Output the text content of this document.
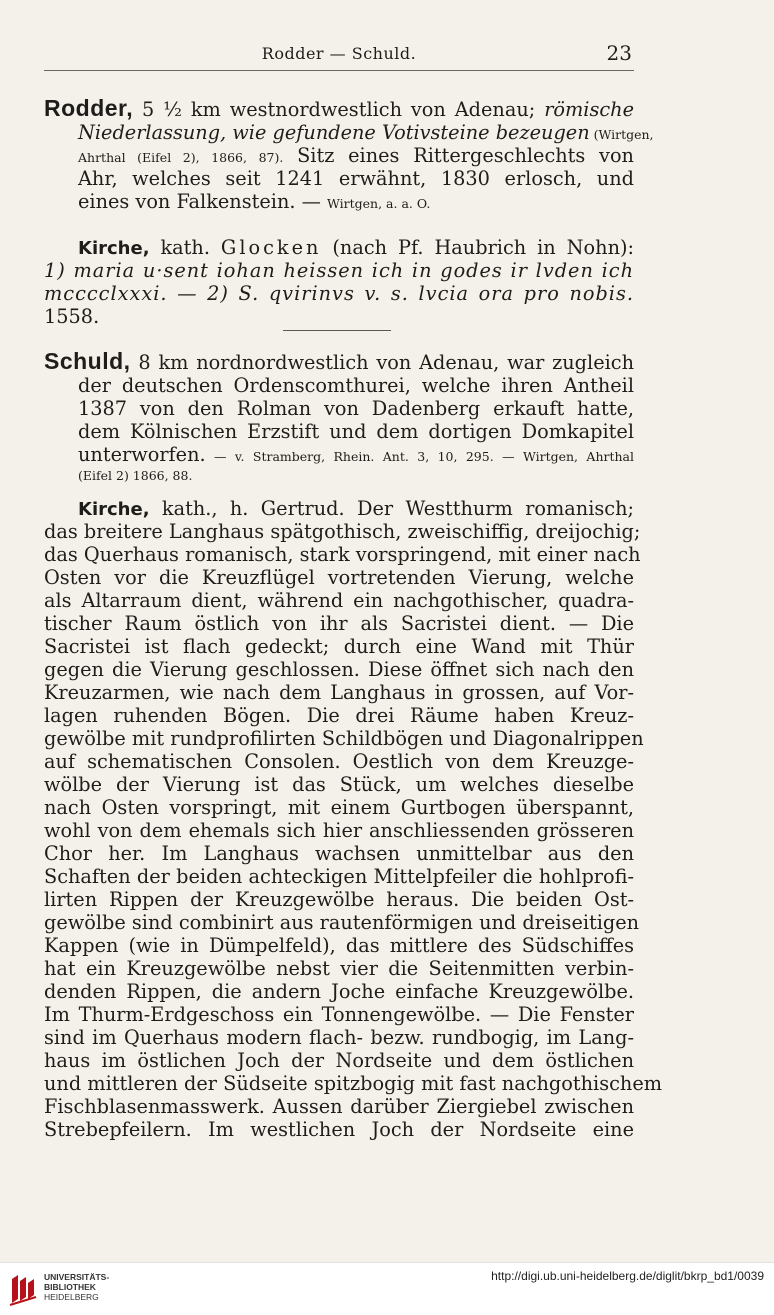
Rodder — Schuld.	23
Rodder, 5 ½ km westnordwestlich von Adenau; römische
Niederlassung, wie gefundene Votivsteine bezeugen (Wirtgen,
Ahrthal (Eifel 2), 1866, 87). Sitz eines Rittergeschlechts von
Ahr, welches seit 1241 erwähnt, 1830 erlosch, und
eines von Falkenstein. — Wirtgen, a. a. O.
Kirche, kath. Glocken (nach Pf. Haubrich in Nohn):
1) maria u·sent iohan heissen ich in godes ir lvden ich
mcccclxxxi. — 2) S. qvirinvs v. s. lvcia ora pro nobis.
1558.
Schuld, 8 km nordnordwestlich von Adenau, war zugleich
der deutschen Ordenscomthurei, welche ihren Antheil
1387 von den Rolman von Dadenberg erkauft hatte,
dem Kölnischen Erzstift und dem dortigen Domkapitel
unterworfen. — v. Stramberg, Rhein. Ant. 3, 10, 295. — Wirtgen, Ahrthal
(Eifel 2) 1866, 88.
Kirche, kath., h. Gertrud. Der Westthurm romanisch;
das breitere Langhaus spätgothisch, zweischiffig, dreijochig;
das Querhaus romanisch, stark vorspringend, mit einer nach
Osten vor die Kreuzflügel vortretenden Vierung, welche
als Altarraum dient, während ein nachgothischer, quadra-
tischer Raum östlich von ihr als Sacristei dient. — Die
Sacristei ist flach gedeckt; durch eine Wand mit Thür
gegen die Vierung geschlossen. Diese öffnet sich nach den
Kreuzarmen, wie nach dem Langhaus in grossen, auf Vor-
lagen ruhenden Bögen. Die drei Räume haben Kreuz-
gewölbe mit rundprofilirten Schildbögen und Diagonalrippen
auf schematischen Consolen. Oestlich von dem Kreuzge-
wölbe der Vierung ist das Stück, um welches dieselbe
nach Osten vorspringt, mit einem Gurtbogen überspannt,
wohl von dem ehemals sich hier anschliessenden grösseren
Chor her. Im Langhaus wachsen unmittelbar aus den
Schaften der beiden achteckigen Mittelpfeiler die hohlprofi-
lirten Rippen der Kreuzgewölbe heraus. Die beiden Ost-
gewölbe sind combinirt aus rautenförmigen und dreiseitigen
Kappen (wie in Dümpelfeld), das mittlere des Südschiffes
hat ein Kreuzgewölbe nebst vier die Seitenmitten verbin-
denden Rippen, die andern Joche einfache Kreuzgewölbe.
Im Thurm-Erdgeschoss ein Tonnengewölbe. — Die Fenster
sind im Querhaus modern flach- bezw. rundbogig, im Lang-
haus im östlichen Joch der Nordseite und dem östlichen
und mittleren der Südseite spitzbogig mit fast nachgothischem
Fischblasenmasswerk. Aussen darüber Ziergiebel zwischen
Strebepfeilern. Im westlichen Joch der Nordseite eine
UNIVERSITÄTS-
BIBLIOTHEK
HEIDELBERG
http://digi.ub.uni-heidelberg.de/diglit/bkrp_bd1/0039
